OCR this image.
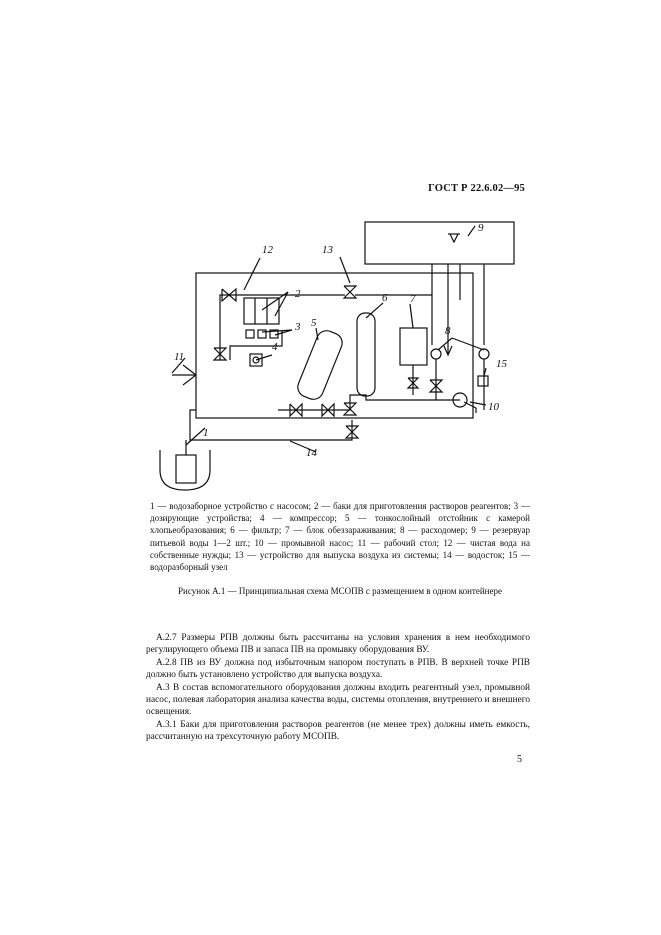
ГОСТ Р 22.6.02—95
12	13
9
2
3
4
5
6 7
8
15
10
11
1
14

1 — водозаборное устройство с насосом; 2 — баки для приготовления растворов реагентов; 3 — дозирующие устройства; 4 — компрессор; 5 — тонкослойный отстойник с камерой хлопьеобразования; 6 — фильтр; 7 — блок обеззараживания; 8 — расходомер; 9 — резервуар питьевой воды 1—2 шт.; 10 — промывной насос; 11 — рабочий стол; 12 — чистая вода на собственные нужды; 13 — устройство для выпуска воздуха из системы; 14 — водосток; 15 — водоразборный узел

Рисунок А.1 — Принципиальная схема МСОПВ с размещением в одном контейнере

А.2.7 Размеры РПВ должны быть рассчитаны на условия хранения в нем необходимого регулирующего объема ПВ и запаса ПВ на промывку оборудования ВУ.

А.2.8 ПВ из ВУ должна под избыточным напором поступать в РПВ. В верхней точке РПВ должно быть установлено устройство для выпуска воздуха.

А.3 В состав вспомогательного оборудования должны входить реагентный узел, промывной насос, полевая лаборатория анализа качества воды, системы отопления, внутреннего и внешнего освещения.

А.3.1 Баки для приготовления растворов реагентов (не менее трех) должны иметь емкость, рассчитанную на трехсуточную работу МСОПВ.

5
